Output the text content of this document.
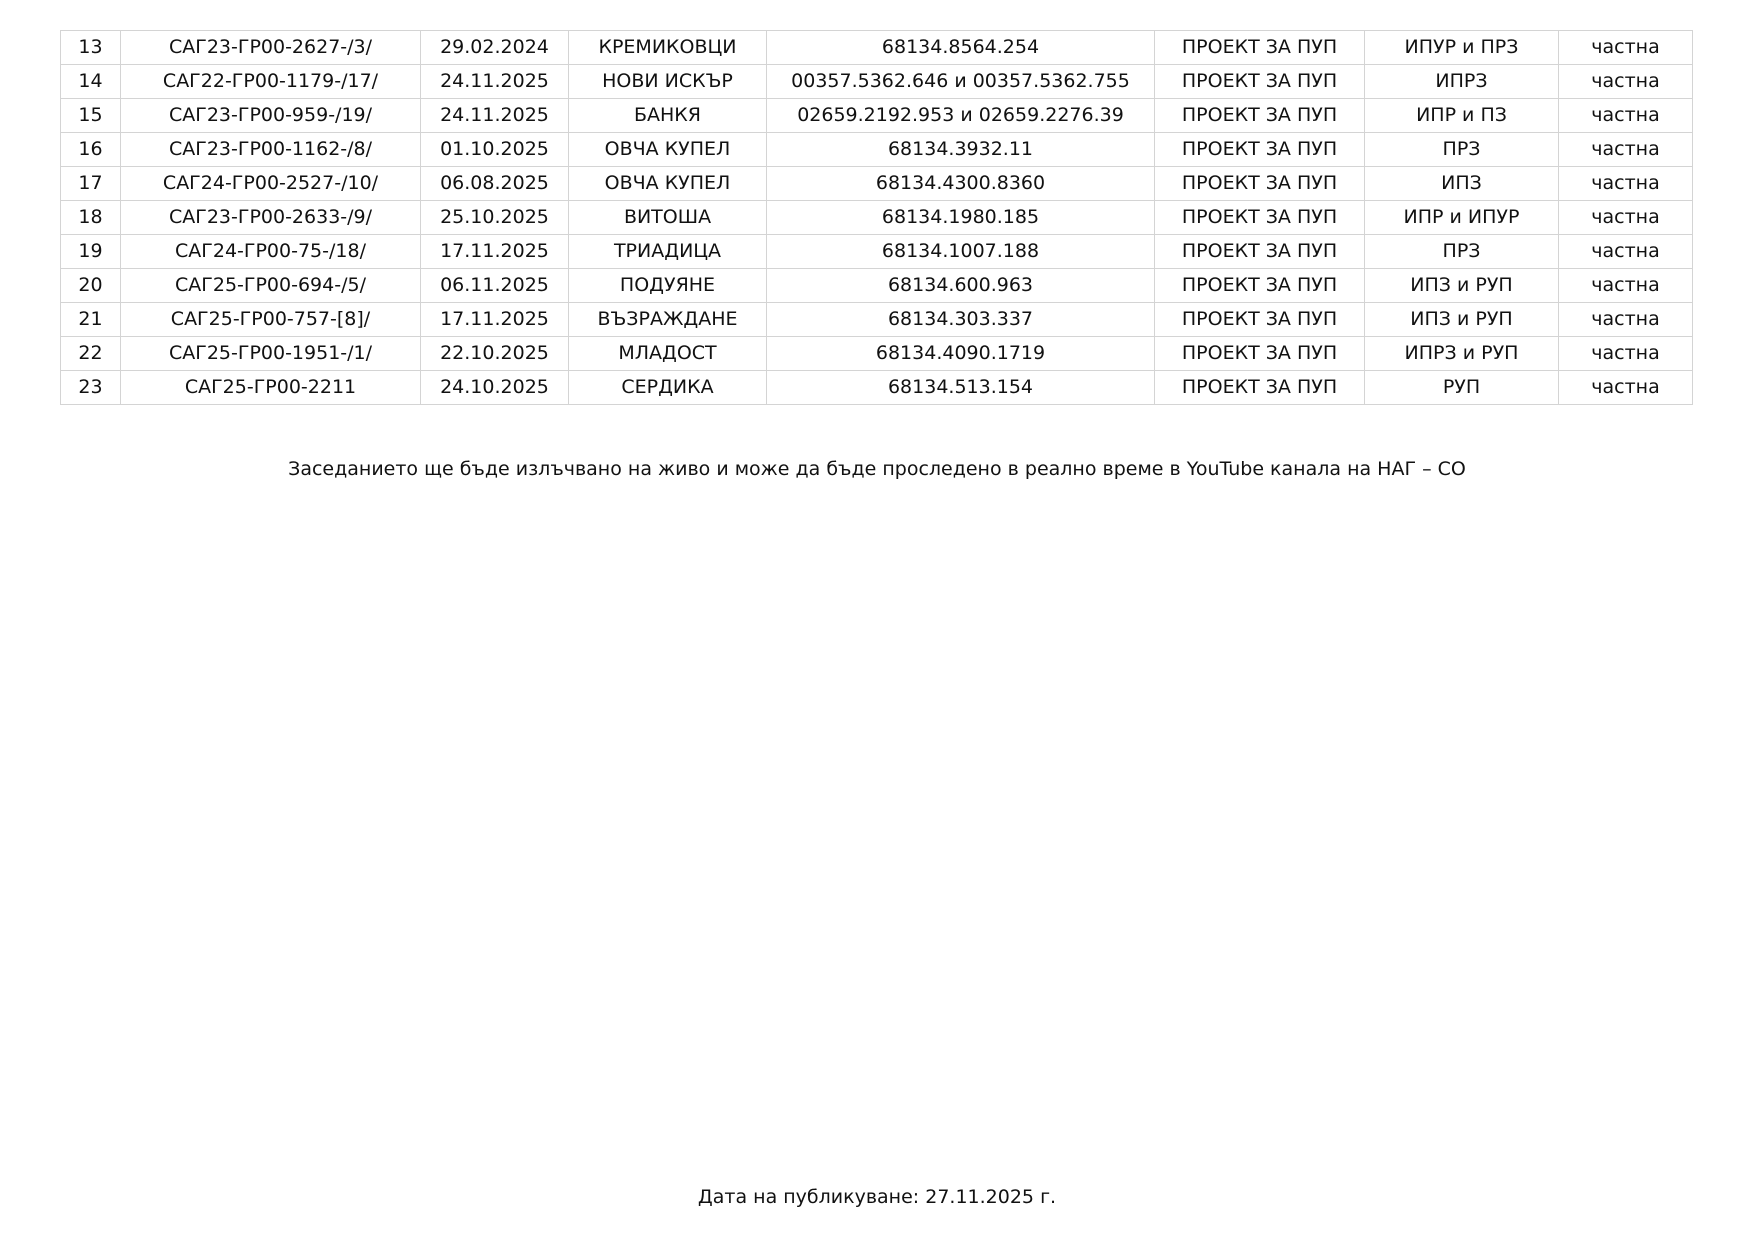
13	САГ23-ГР00-2627-/3/	29.02.2024	КРЕМИКОВЦИ	68134.8564.254	ПРОЕКТ ЗА ПУП	ИПУР и ПРЗ	частна
14	САГ22-ГР00-1179-/17/	24.11.2025	НОВИ ИСКЪР	00357.5362.646 и 00357.5362.755	ПРОЕКТ ЗА ПУП	ИПРЗ	частна
15	САГ23-ГР00-959-/19/	24.11.2025	БАНКЯ	02659.2192.953 и 02659.2276.39	ПРОЕКТ ЗА ПУП	ИПР и ПЗ	частна
16	САГ23-ГР00-1162-/8/	01.10.2025	ОВЧА КУПЕЛ	68134.3932.11	ПРОЕКТ ЗА ПУП	ПРЗ	частна
17	САГ24-ГР00-2527-/10/	06.08.2025	ОВЧА КУПЕЛ	68134.4300.8360	ПРОЕКТ ЗА ПУП	ИПЗ	частна
18	САГ23-ГР00-2633-/9/	25.10.2025	ВИТОША	68134.1980.185	ПРОЕКТ ЗА ПУП	ИПР и ИПУР	частна
19	САГ24-ГР00-75-/18/	17.11.2025	ТРИАДИЦА	68134.1007.188	ПРОЕКТ ЗА ПУП	ПРЗ	частна
20	САГ25-ГР00-694-/5/	06.11.2025	ПОДУЯНЕ	68134.600.963	ПРОЕКТ ЗА ПУП	ИПЗ и РУП	частна
21	САГ25-ГР00-757-[8]/	17.11.2025	ВЪЗРАЖДАНЕ	68134.303.337	ПРОЕКТ ЗА ПУП	ИПЗ и РУП	частна
22	САГ25-ГР00-1951-/1/	22.10.2025	МЛАДОСТ	68134.4090.1719	ПРОЕКТ ЗА ПУП	ИПРЗ и РУП	частна
23	САГ25-ГР00-2211	24.10.2025	СЕРДИКА	68134.513.154	ПРОЕКТ ЗА ПУП	РУП	частна
Заседанието ще бъде излъчвано на живо и може да бъде проследено в реално време в YouTube канала на НАГ – СО
Дата на публикуване: 27.11.2025 г.
